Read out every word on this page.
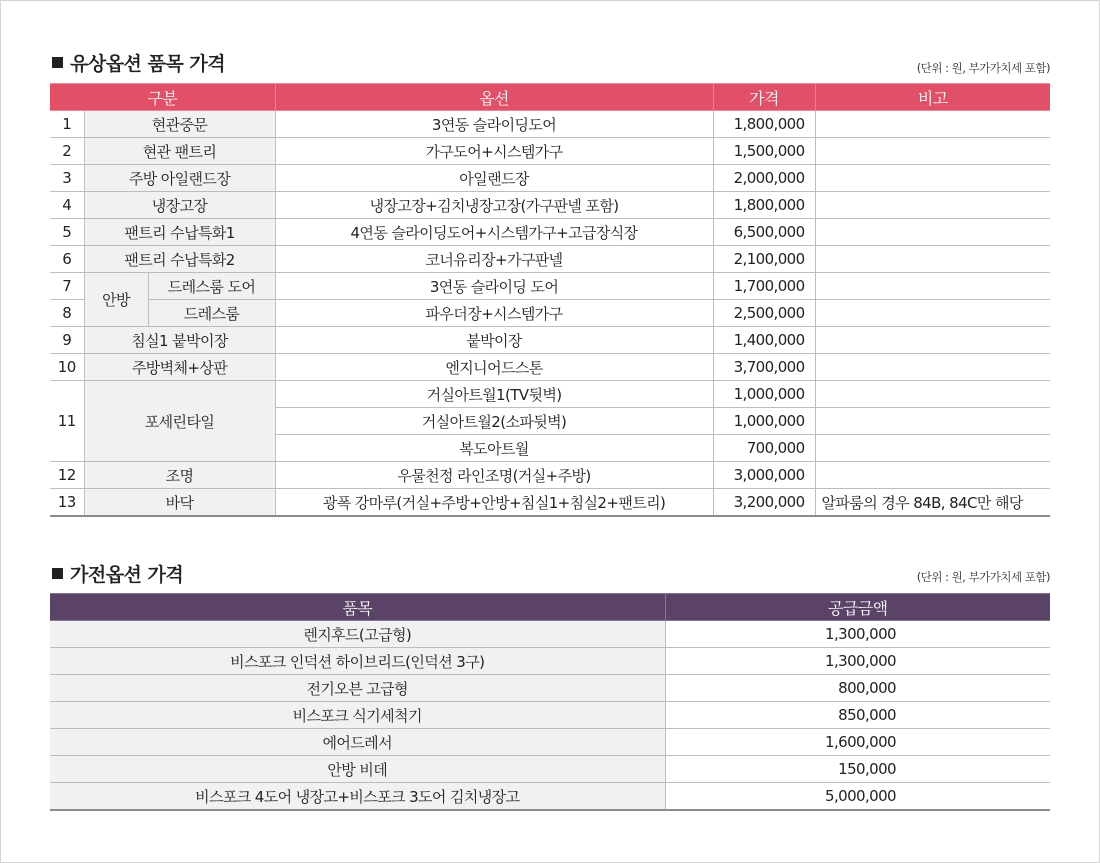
유상옵션 품목 가격	(단위 : 원, 부가가치세 포함)
구분			옵션	가격	비고
1	현관중문		3연동 슬라이딩도어	1,800,000	
2	현관 팬트리		가구도어+시스템가구	1,500,000	
3	주방 아일랜드장		아일랜드장	2,000,000	
4	냉장고장		냉장고장+김치냉장고장(가구판넬 포함)	1,800,000	
5	팬트리 수납특화1		4연동 슬라이딩도어+시스템가구+고급장식장	6,500,000	
6	팬트리 수납특화2		코너유리장+가구판넬	2,100,000	
7	안방	드레스룸 도어	3연동 슬라이딩 도어	1,700,000	
8		드레스룸	파우더장+시스템가구	2,500,000	
9	침실1 붙박이장		붙박이장	1,400,000	
10	주방벽체+상판		엔지니어드스톤	3,700,000	
11	포세린타일		거실아트월1(TV뒷벽)	1,000,000	
			거실아트월2(소파뒷벽)	1,000,000	
			복도아트월	700,000	
12	조명		우물천정 라인조명(거실+주방)	3,000,000	
13	바닥		광폭 강마루(거실+주방+안방+침실1+침실2+팬트리)	3,200,000	알파룸의 경우 84B, 84C만 해당
가전옵션 가격	(단위 : 원, 부가가치세 포함)
품목	공급금액
렌지후드(고급형)	1,300,000
비스포크 인덕션 하이브리드(인덕션 3구)	1,300,000
전기오븐 고급형	800,000
비스포크 식기세척기	850,000
에어드레서	1,600,000
안방 비데	150,000
비스포크 4도어 냉장고+비스포크 3도어 김치냉장고	5,000,000
